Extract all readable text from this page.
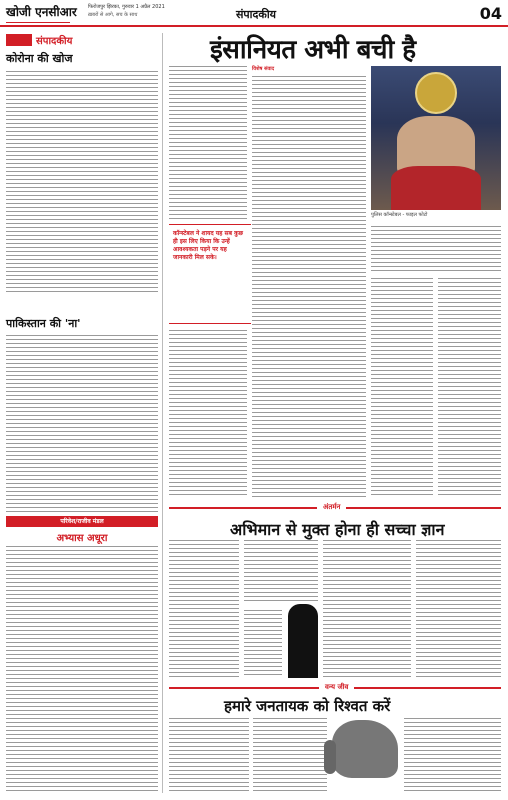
खोजी एनसीआर फिरोजपुर झिरका, गुरुवार 1 अप्रैल 2021
ख़बरों से आगे, सच के साथ	संपादकीय	04
संपादकीय
कोरोना की खोज
पाकिस्तान की 'ना'
परिवेश/राजीव मंडल
अभ्यास अधूरा
इंसानियत अभी बची है
विशेष संवाद
कॉन्स्टेबल ने शायद यह सब कुछ ही इस लिए किया कि उन्हें आवश्यकता पड़ने पर यह जानकारी मिल सके।
पुलिस कॉन्स्टेबल - फाइल फोटो
अंतर्मन
अभिमान से मुक्त होना ही सच्चा ज्ञान
वन्य जीव
हमारे जनतायक को रिश्वत करें
